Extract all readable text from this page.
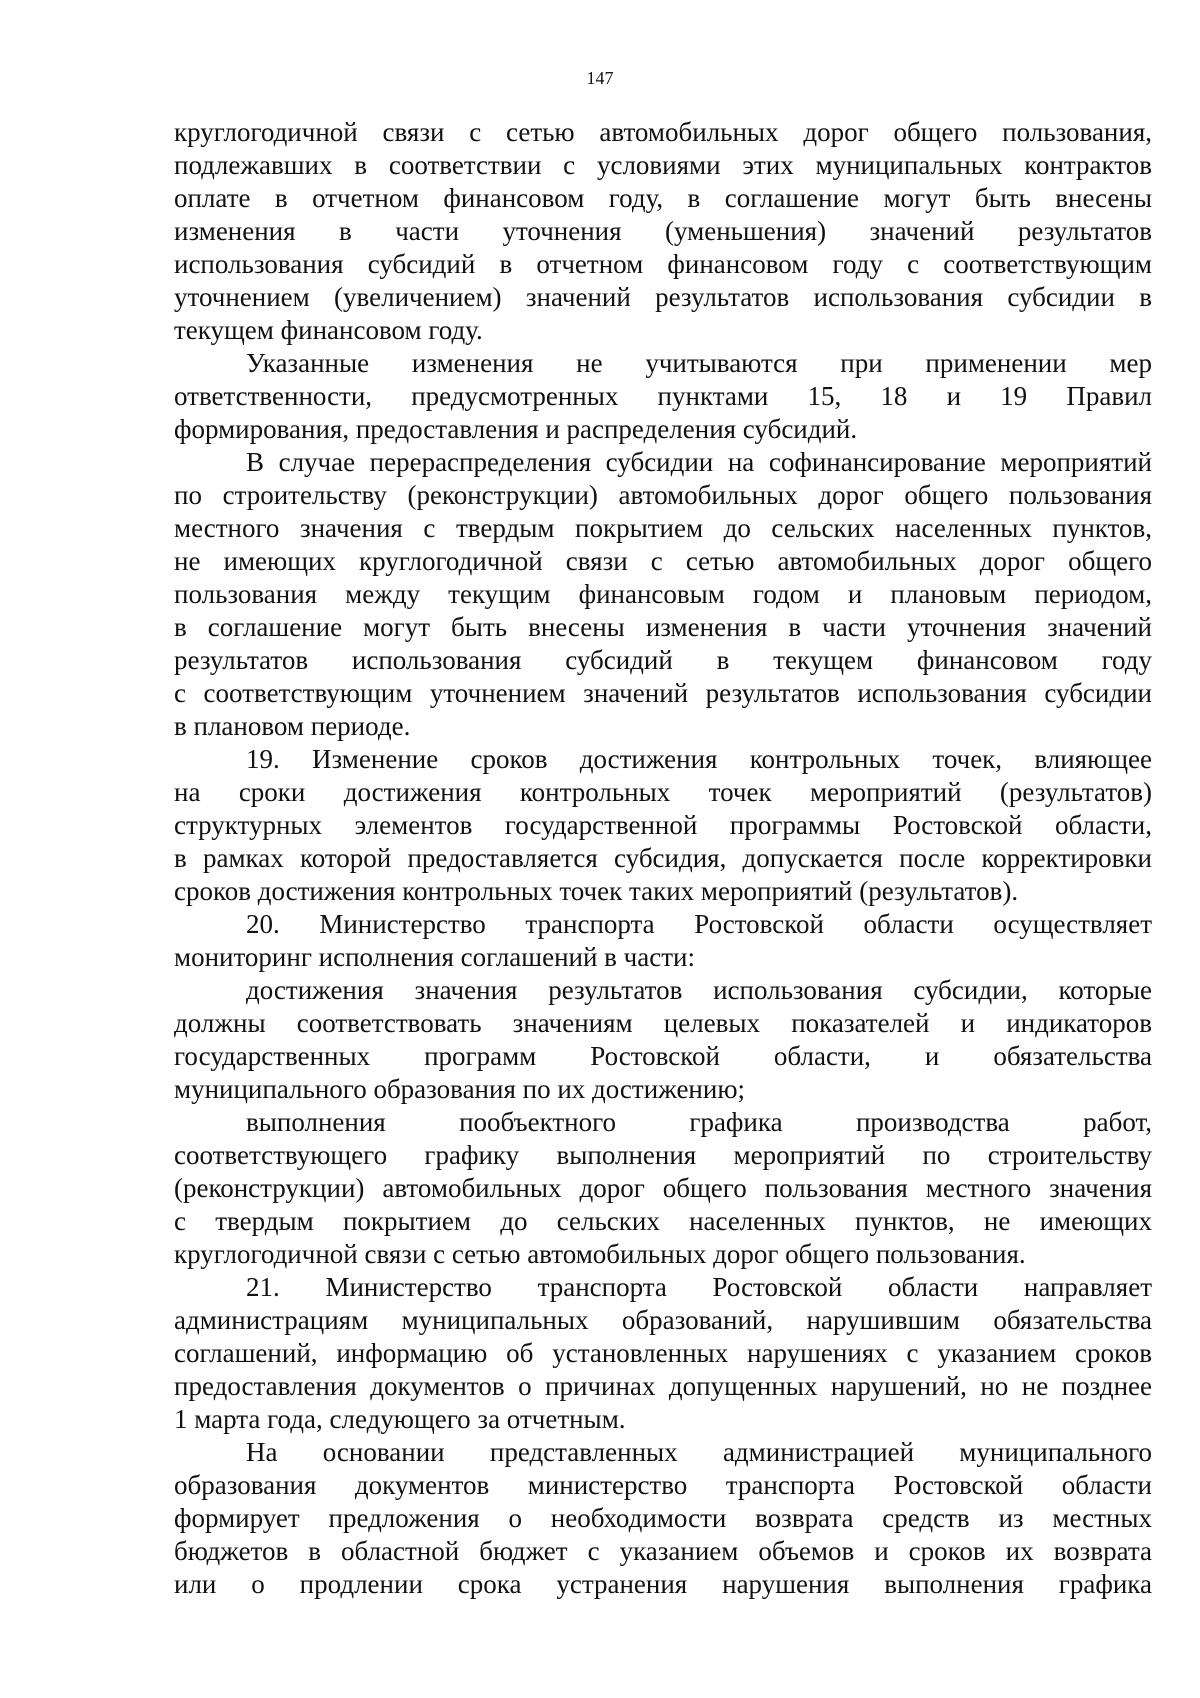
147
круглогодичной связи с сетью автомобильных дорог общего пользования,
подлежавших в соответствии с условиями этих муниципальных контрактов
оплате в отчетном финансовом году, в соглашение могут быть внесены
изменения в части уточнения (уменьшения) значений результатов
использования субсидий в отчетном финансовом году с соответствующим
уточнением (увеличением) значений результатов использования субсидии в
текущем финансовом году.
Указанные изменения не учитываются при применении мер
ответственности, предусмотренных пунктами 15, 18 и 19 Правил
формирования, предоставления и распределения субсидий.
В случае перераспределения субсидии на софинансирование мероприятий
по строительству (реконструкции) автомобильных дорог общего пользования
местного значения с твердым покрытием до сельских населенных пунктов,
не имеющих круглогодичной связи с сетью автомобильных дорог общего
пользования между текущим финансовым годом и плановым периодом,
в соглашение могут быть внесены изменения в части уточнения значений
результатов использования субсидий в текущем финансовом году
с соответствующим уточнением значений результатов использования субсидии
в плановом периоде.
19. Изменение сроков достижения контрольных точек, влияющее
на сроки достижения контрольных точек мероприятий (результатов)
структурных элементов государственной программы Ростовской области,
в рамках которой предоставляется субсидия, допускается после корректировки
сроков достижения контрольных точек таких мероприятий (результатов).
20. Министерство транспорта Ростовской области осуществляет
мониторинг исполнения соглашений в части:
достижения значения результатов использования субсидии, которые
должны соответствовать значениям целевых показателей и индикаторов
государственных программ Ростовской области, и обязательства
муниципального образования по их достижению;
выполнения пообъектного графика производства работ,
соответствующего графику выполнения мероприятий по строительству
(реконструкции) автомобильных дорог общего пользования местного значения
с твердым покрытием до сельских населенных пунктов, не имеющих
круглогодичной связи с сетью автомобильных дорог общего пользования.
21. Министерство транспорта Ростовской области направляет
администрациям муниципальных образований, нарушившим обязательства
соглашений, информацию об установленных нарушениях с указанием сроков
предоставления документов о причинах допущенных нарушений, но не позднее
1 марта года, следующего за отчетным.
На основании представленных администрацией муниципального
образования документов министерство транспорта Ростовской области
формирует предложения о необходимости возврата средств из местных
бюджетов в областной бюджет с указанием объемов и сроков их возврата
или о продлении срока устранения нарушения выполнения графика
